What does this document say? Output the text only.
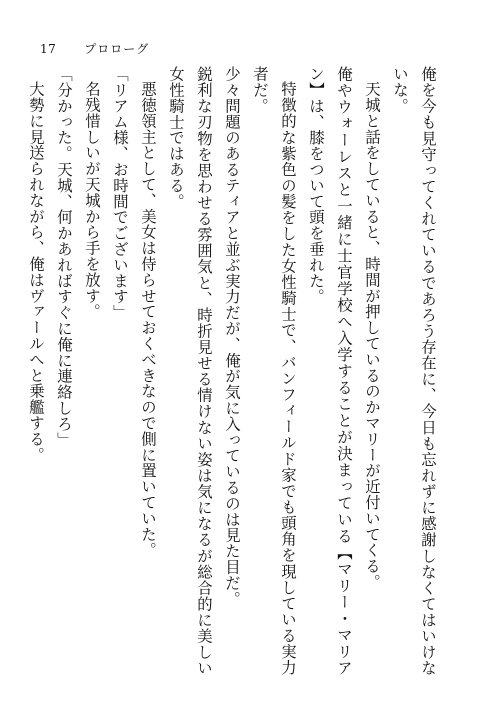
17 プロローグ

俺を今も見守ってくれているであろう存在に、今日も忘れずに感謝しなくてはいけないな。

天城と話をしていると、時間が押しているのかマリーが近付いてくる。

俺やウォーレスと一緒に士官学校へ入学することが決まっている【マリー・マリアン】は、膝をついて頭を垂れた。

特徴的な紫色の髪をした女性騎士で、バンフィールド家でも頭角を現している実力者だ。

少々問題のあるティアと並ぶ実力だが、俺が気に入っているのは見た目だ。

鋭利な刃物を思わせる雰囲気と、時折見せる情けない姿は気になるが総合的に美しい女性騎士ではある。

悪徳領主として、美女は侍らせておくべきなので側に置いていた。

「リアム様、お時間でございます」

名残惜しいが天城から手を放す。

「分かった。天城、何かあればすぐに俺に連絡しろ」

大勢に見送られながら、俺はヴァールへと乗艦する。
